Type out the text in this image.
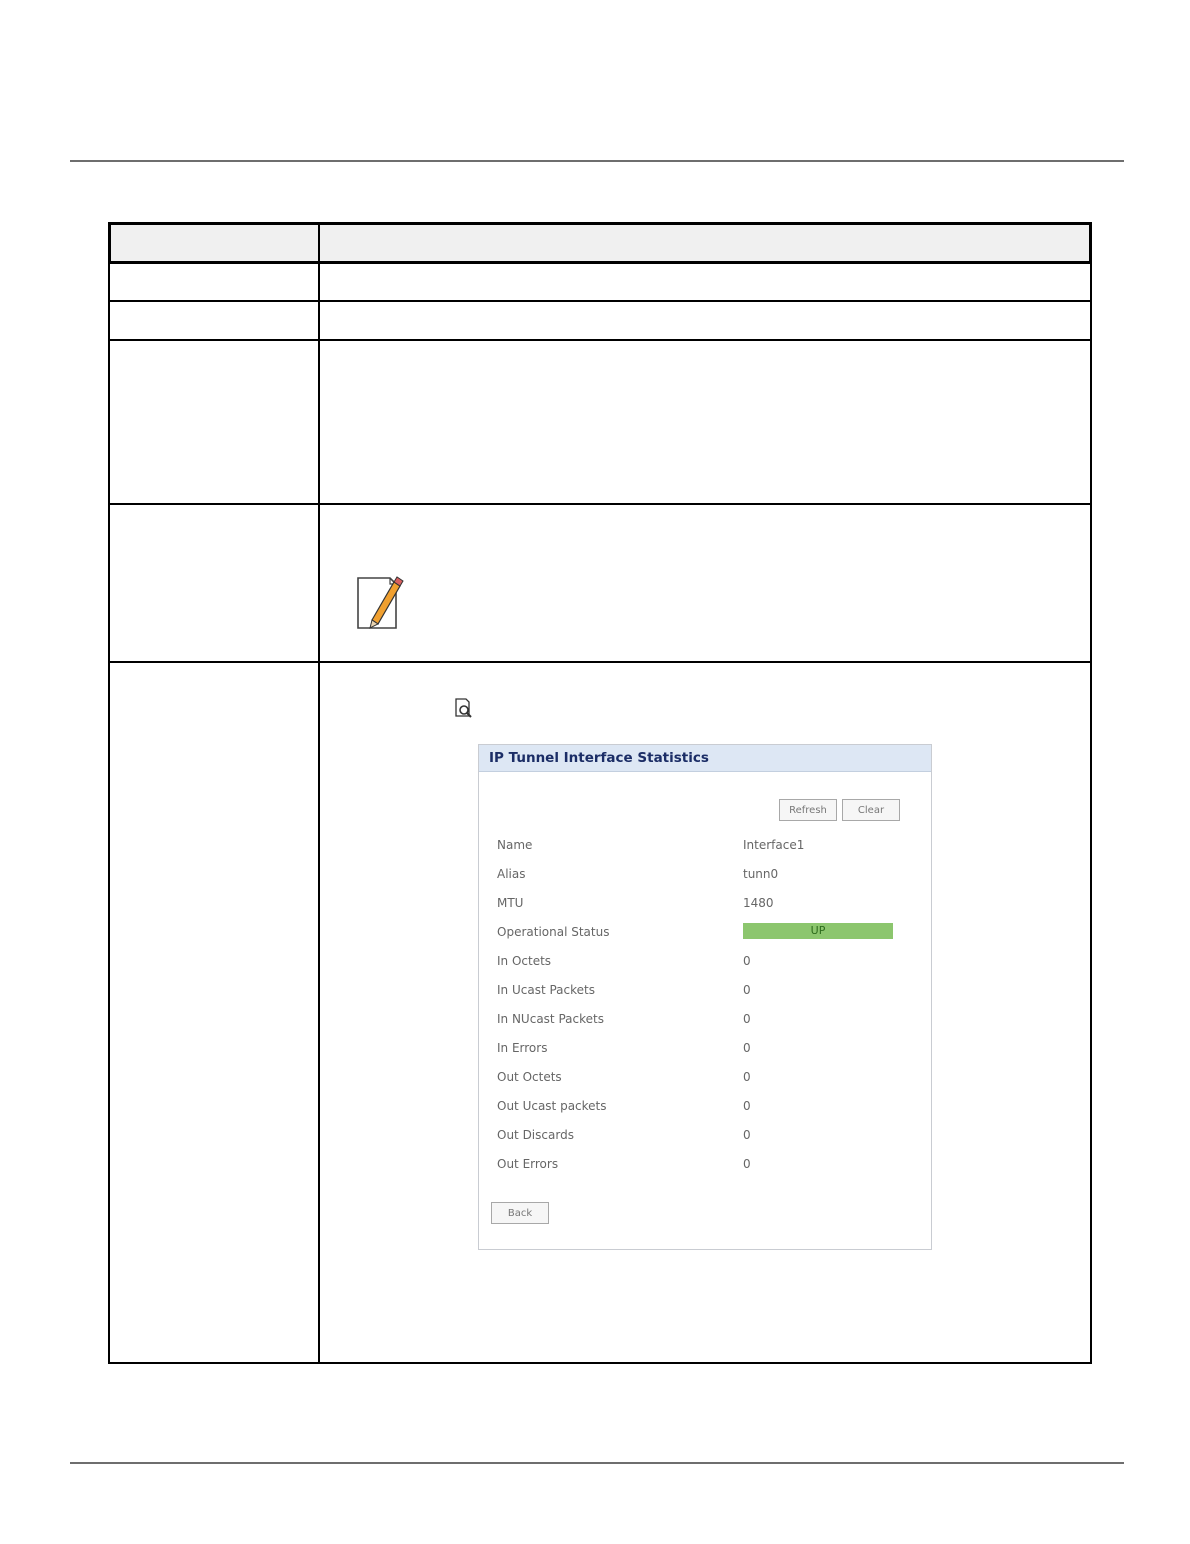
IP Tunnel Interface Statistics
Refresh	Clear
Name	Interface1
Alias	tunn0
MTU	1480
Operational Status	UP
In Octets	0
In Ucast Packets	0
In NUcast Packets	0
In Errors	0
Out Octets	0
Out Ucast packets	0
Out Discards	0
Out Errors	0
Back
